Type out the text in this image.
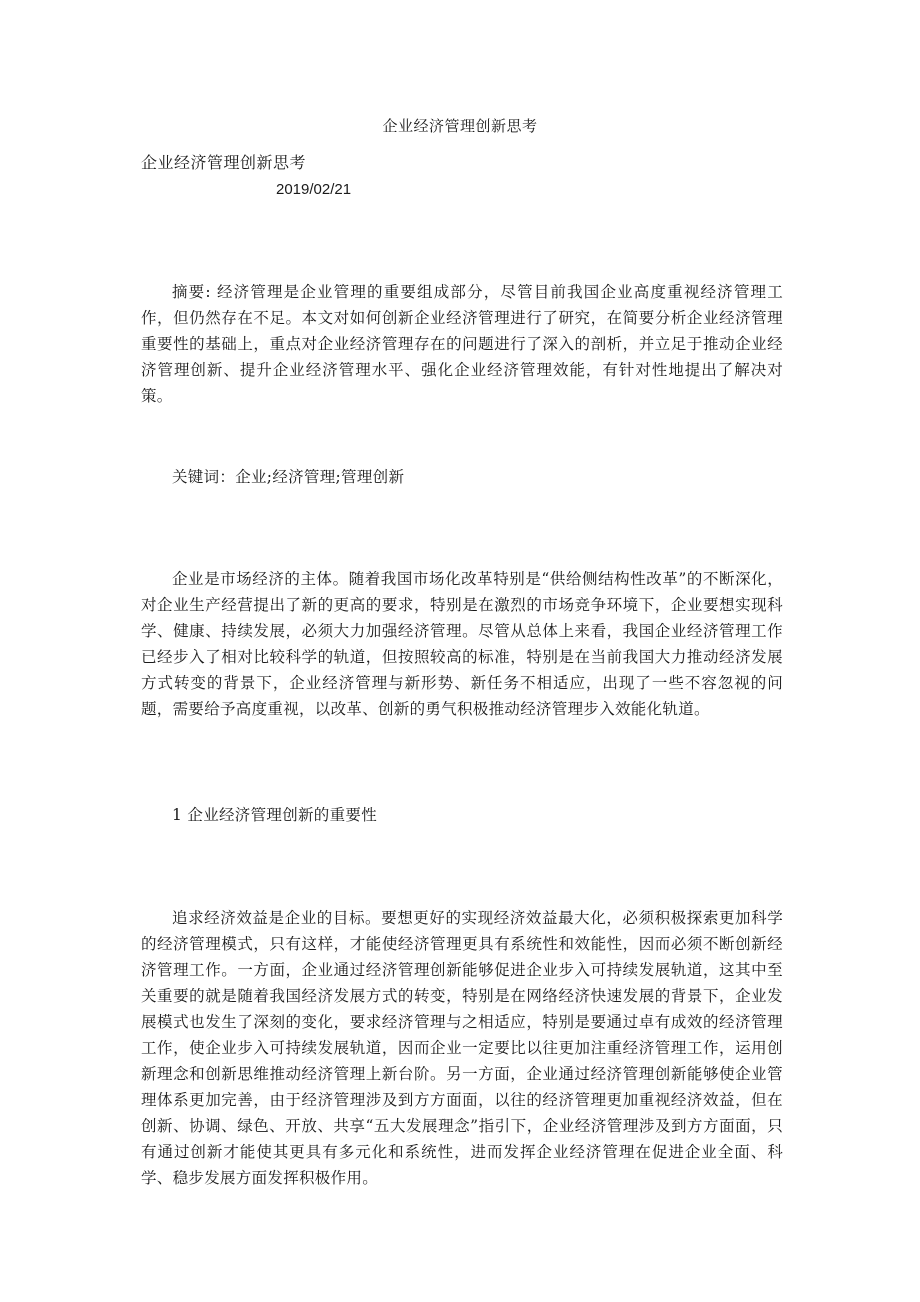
企业经济管理创新思考
企业经济管理创新思考
2019/02/21

摘要: 经济管理是企业管理的重要组成部分，尽管目前我国企业高度重视经济管理工作，但仍然存在不足。本文对如何创新企业经济管理进行了研究，在简要分析企业经济管理重要性的基础上，重点对企业经济管理存在的问题进行了深入的剖析，并立足于推动企业经济管理创新、提升企业经济管理水平、强化企业经济管理效能，有针对性地提出了解决对策。

关键词：企业;经济管理;管理创新

企业是市场经济的主体。随着我国市场化改革特别是“供给侧结构性改革”的不断深化，对企业生产经营提出了新的更高的要求，特别是在激烈的市场竞争环境下，企业要想实现科学、健康、持续发展，必须大力加强经济管理。尽管从总体上来看，我国企业经济管理工作已经步入了相对比较科学的轨道，但按照较高的标准，特别是在当前我国大力推动经济发展方式转变的背景下，企业经济管理与新形势、新任务不相适应，出现了一些不容忽视的问题，需要给予高度重视，以改革、创新的勇气积极推动经济管理步入效能化轨道。

1 企业经济管理创新的重要性

追求经济效益是企业的目标。要想更好的实现经济效益最大化，必须积极探索更加科学的经济管理模式，只有这样，才能使经济管理更具有系统性和效能性，因而必须不断创新经济管理工作。一方面，企业通过经济管理创新能够促进企业步入可持续发展轨道，这其中至关重要的就是随着我国经济发展方式的转变，特别是在网络经济快速发展的背景下，企业发展模式也发生了深刻的变化，要求经济管理与之相适应，特别是要通过卓有成效的经济管理工作，使企业步入可持续发展轨道，因而企业一定要比以往更加注重经济管理工作，运用创新理念和创新思维推动经济管理上新台阶。另一方面，企业通过经济管理创新能够使企业管理体系更加完善，由于经济管理涉及到方方面面，以往的经济管理更加重视经济效益，但在创新、协调、绿色、开放、共享“五大发展理念”指引下，企业经济管理涉及到方方面面，只有通过创新才能使其更具有多元化和系统性，进而发挥企业经济管理在促进企业全面、科学、稳步发展方面发挥积极作用。
